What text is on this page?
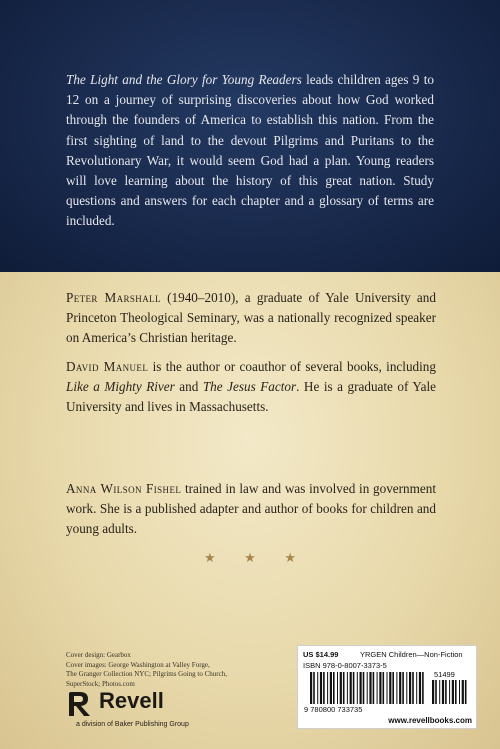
The Light and the Glory for Young Readers leads children ages 9 to 12 on a journey of surprising discoveries about how God worked through the founders of America to establish this nation. From the first sighting of land to the devout Pilgrims and Puritans to the Revolutionary War, it would seem God had a plan. Young readers will love learning about the history of this great nation. Study questions and answers for each chapter and a glossary of terms are included.

Peter Marshall (1940–2010), a graduate of Yale University and Princeton Theological Seminary, was a nationally recognized speaker on America’s Christian heritage.

David Manuel is the author or coauthor of several books, including Like a Mighty River and The Jesus Factor. He is a graduate of Yale University and lives in Massachusetts.

Anna Wilson Fishel trained in law and was involved in government work. She is a published adapter and author of books for children and young adults.

★ ★ ★
Cover design: Gearbox
Cover images: George Washington at Valley Forge,
The Granger Collection NYC; Pilgrims Going to Church,
SuperStock; Photos.com
Revell
a division of Baker Publishing Group
US $14.99	YRGEN Children—Non-Fiction
ISBN 978-0-8007-3373-5
9 780800 733735
51499
www.revellbooks.com
